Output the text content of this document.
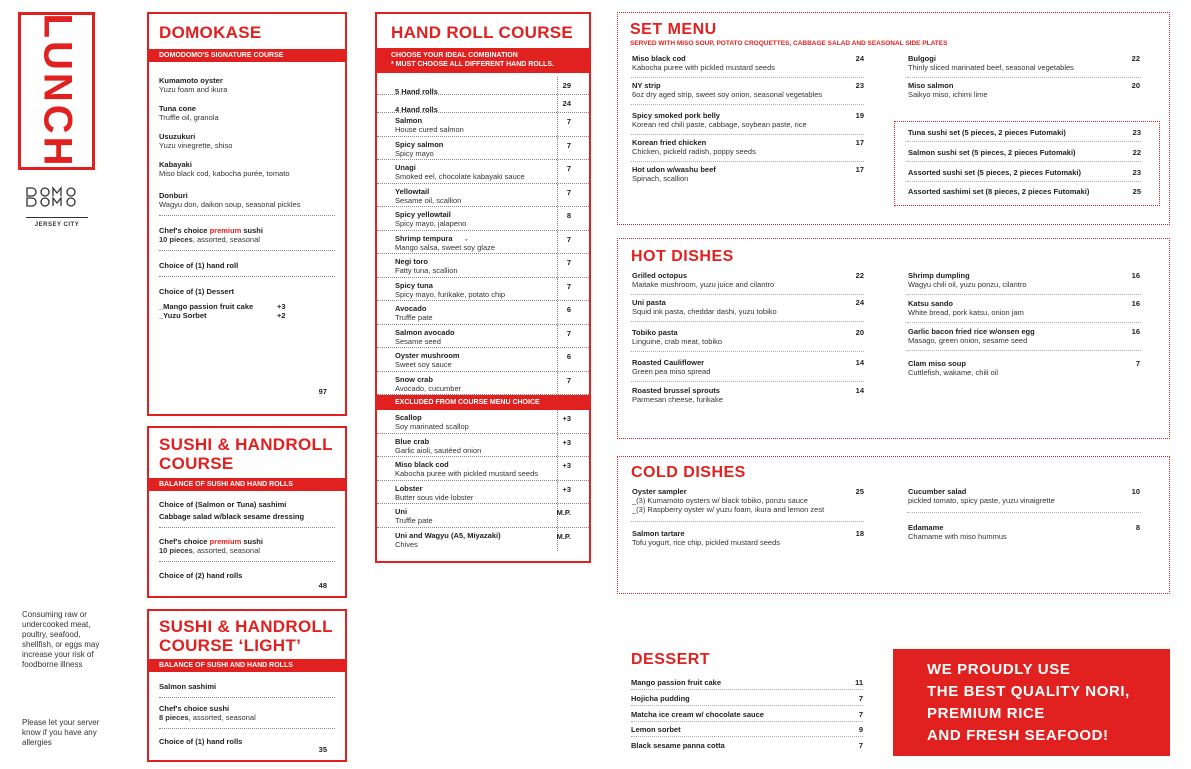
LUNCH
JERSEY CITY
Consuming raw or undercooked meat, poultry, seafood, shellfish, or eggs may increase your risk of foodborne illness
Please let your server know if you have any allergies
DOMOKASE
DOMODOMO'S SIGNATURE COURSE
Kumamoto oyster
Yuzu foam and ikura
Tuna cone
Truffle oil, granola
Usuzukuri
Yuzu vinegrette, shiso
Kabayaki
Miso black cod, kabocha purée, tomato
Donburi
Wagyu don, daikon soup, seasonal pickles
Chef's choice premium sushi
10 pieces, assorted, seasonal
Choice of (1) hand roll
Choice of (1) Dessert
_Mango passion fruit cake	+3
_Yuzu Sorbet	+2
97
SUSHI & HANDROLL COURSE
BALANCE OF SUSHI AND HAND ROLLS
Choice of (Salmon or Tuna) sashimi
Cabbage salad w/black sesame dressing
Chef's choice premium sushi
10 pieces, assorted, seasonal
Choice of (2) hand rolls
48
SUSHI & HANDROLL COURSE ‘LIGHT’
BALANCE OF SUSHI AND HAND ROLLS
Salmon sashimi
Chef's choice sushi
8 pieces, assorted, seasonal
Choice of (1) hand rolls
35
HAND ROLL COURSE
CHOOSE YOUR IDEAL COMBINATION
* MUST CHOOSE ALL DIFFERENT HAND ROLLS.
5 Hand rolls
29
4 Hand rolls
24
Salmon
House cured salmon
7
Spicy salmon
Spicy mayo
7
Unagi
Smoked eel, chocolate kabayaki sauce
7
Yellowtail
Sesame oil, scallion
7
Spicy yellowtail
Spicy mayo, jalapeno
8
Shrimp tempura
Mango salsa, sweet soy glaze
7
ˬ
Negi toro
Fatty tuna, scallion
7
Spicy tuna
Spicy mayo, furikake, potato chip
7
Avocado
Truffle pate
6
Salmon avocado
Sesame seed
7
Oyster mushroom
Sweet soy sauce
6
Snow crab
Avocado, cucumber
7
EXCLUDED FROM COURSE MENU CHOICE
Scallop
Soy marinated scallop
+3
Blue crab
Garlic aioli, sautéed onion
+3
Miso black cod
Kabocha puree with pickled mustard seeds
+3
Lobster
Butter sous vide lobster
+3
Uni
Truffle pate
M.P.
Uni and Wagyu (A5, Miyazaki)
Chives
M.P.
SET MENU
SERVED WITH MISO SOUP, POTATO CROQUETTES, CABBAGE SALAD AND SEASONAL SIDE PLATES
HOT DISHES
COLD DISHES
DESSERT
WE PROUDLY USE
THE BEST QUALITY NORI,
PREMIUM RICE
AND FRESH SEAFOOD!
Miso black cod
Kabocha puree with pickled mustard seeds
24
NY strip
6oz dry aged strip, sweet soy onion, seasonal vegetables
23
Spicy smoked pork belly
Korean red chili paste, cabbage, soybean paste, rice
19
Korean fried chicken
Chicken, pickeld radish, poppy seeds
17
Hot udon w/washu beef
Spinach, scallion
17
Bulgogi
Thinly sliced marinated beef, seasonal vegetables
22
Miso salmon
Saikyo miso, ichimi lime
20
Tuna sushi set (5 pieces, 2 pieces Futomaki)	23
Salmon sushi set (5 pieces, 2 pieces Futomaki)	22
Assorted sushi set (5 pieces, 2 pieces Futomaki)	23
Assorted sashimi set (8 pieces, 2 pieces Futomaki)	25
Grilled octopus
Maitake mushroom, yuzu juice and cilantro
22
Uni pasta
Squid ink pasta, cheddar dashi, yuzu tobiko
24
Tobiko pasta
Linguine, crab meat, tobiko
20
Roasted Cauliflower
Green pea miso spread
14
Roasted brussel sprouts
Parmesan cheese, furikake
14
Shrimp dumpling
Wagyu chili oil, yuzu ponzu, cilantro
16
Katsu sando
White bread, pork katsu, onion jam
16
Garlic bacon fried rice w/onsen egg
Masago, green onion, sesame seed
16
Clam miso soup
Cuttlefish, wakame, chili oil
7
Oyster sampler
_(3) Kumamoto oysters w/ black tobiko, ponzu sauce
_(3) Raspberry oyster w/ yuzu foam, ikura and lemon zest
25
Salmon tartare
Tofu yogurt, rice chip, pickled mustard seeds
18
Cucumber salad
pickled tomato, spicy paste, yuzu vinaigrette
10
Edamame
Chamame with miso hummus
8
Mango passion fruit cake	11
Hojicha pudding	7
Matcha ice cream w/ chocolate sauce	7
Lemon sorbet	9
Black sesame panna cotta	7
